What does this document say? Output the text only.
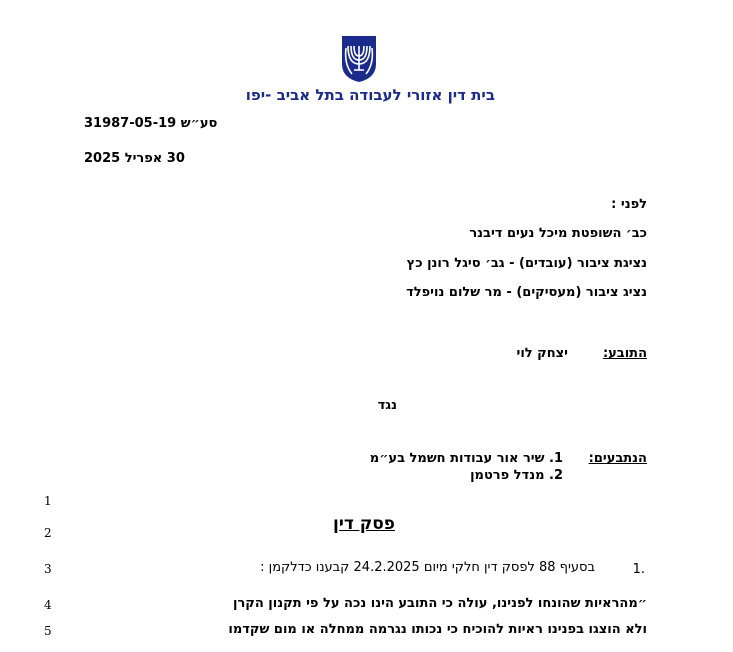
בית דין אזורי לעבודה בתל אביב -יפו
סע״ש 31987-05-19
30 אפריל 2025
לפני :
כב׳ השופטת מיכל נעים דיבנר
נציגת ציבור (עובדים) - גב׳ סיגל רונן כץ
נציג ציבור (מעסיקים) - מר שלום נויפלד
התובע:
יצחק לוי
נגד
הנתבעים:
1. שיר אור עבודות חשמל בע״מ
2. מנדל פרטמן
1
2
3
4
5
פסק דין
1.
בסעיף 88 לפסק דין חלקי מיום 24.2.2025 קבענו כדלקמן :
״מהראיות שהונחו לפנינו, עולה כי התובע הינו נכה על פי תקנון הקרן
ולא הוצגו בפנינו ראיות להוכיח כי נכותו נגרמה ממחלה או מום שקדמו
